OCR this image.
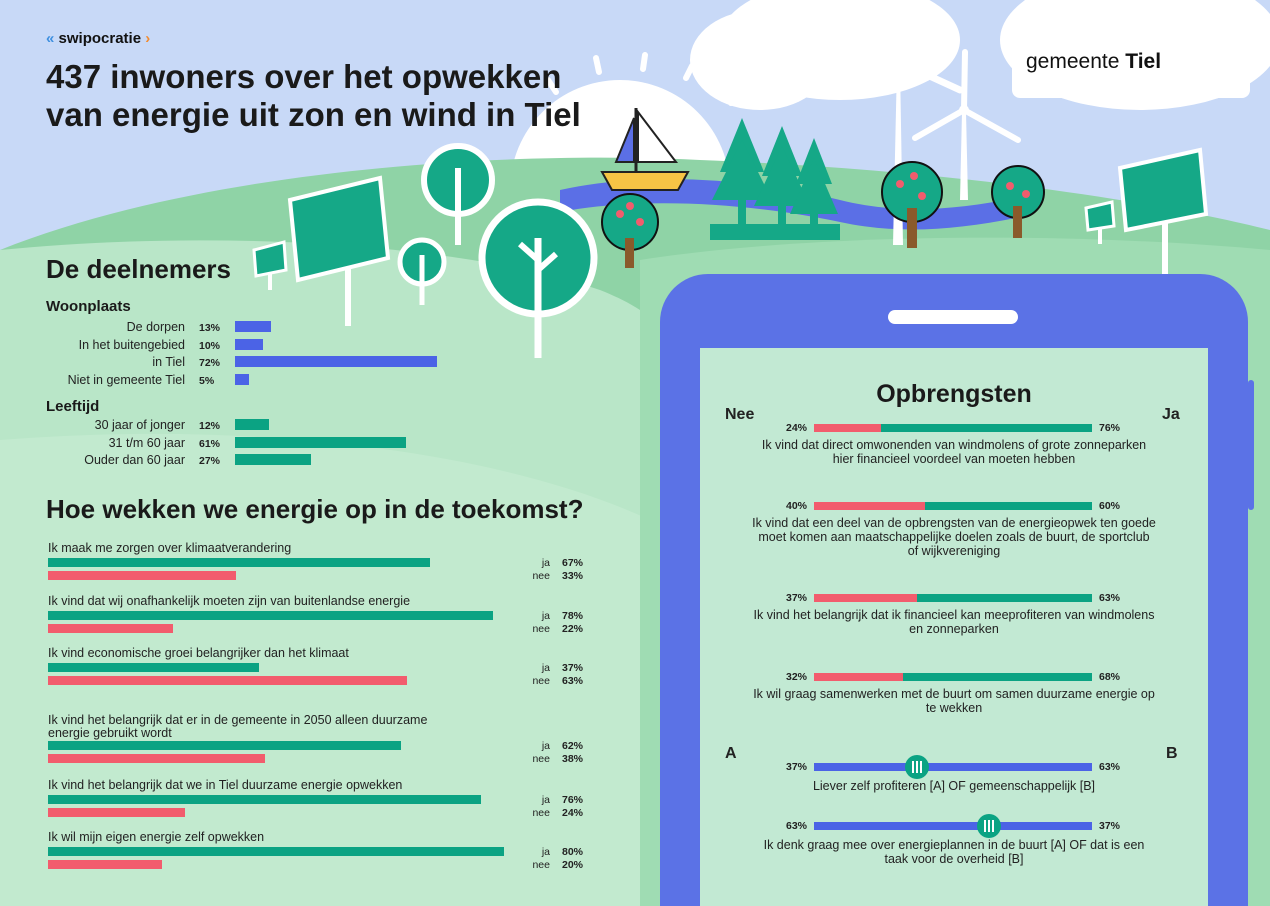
« swipocratie ›
437 inwoners over het opwekken van energie uit zon en wind in Tiel
gemeente Tiel
De deelnemers
Woonplaats
Leeftijd
De dorpen 13%
In het buitengebied 10%
in Tiel 72%
Niet in gemeente Tiel 5%
30 jaar of jonger 12%
31 t/m 60 jaar 61%
Ouder dan 60 jaar 27%
Hoe wekken we energie op in de toekomst?
Ik maak me zorgen over klimaatverandering
ja 67%
nee 33%
Ik vind dat wij onafhankelijk moeten zijn van buitenlandse energie
ja 78%
nee 22%
Ik vind economische groei belangrijker dan het klimaat
ja 37%
nee 63%
Ik vind het belangrijk dat er in de gemeente in 2050 alleen duurzame energie gebruikt wordt
ja 62%
nee 38%
Ik vind het belangrijk dat we in Tiel duurzame energie opwekken
ja 76%
nee 24%
Ik wil mijn eigen energie zelf opwekken
ja 80%
nee 20%
Opbrengsten
Nee	Ja
A	B
24%	76%
Ik vind dat direct omwonenden van windmolens of grote zonneparken hier financieel voordeel van moeten hebben
40%	60%
Ik vind dat een deel van de opbrengsten van de energieopwek ten goede moet komen aan maatschappelijke doelen zoals de buurt, de sportclub of wijkvereniging
37%	63%
Ik vind het belangrijk dat ik financieel kan meeprofiteren van windmolens en zonneparken
32%	68%
Ik wil graag samenwerken met de buurt om samen duurzame energie op te wekken
37%	63%
Liever zelf profiteren [A] OF gemeenschappelijk [B]
63%	37%
Ik denk graag mee over energieplannen in de buurt [A] OF dat is een taak voor de overheid [B]
